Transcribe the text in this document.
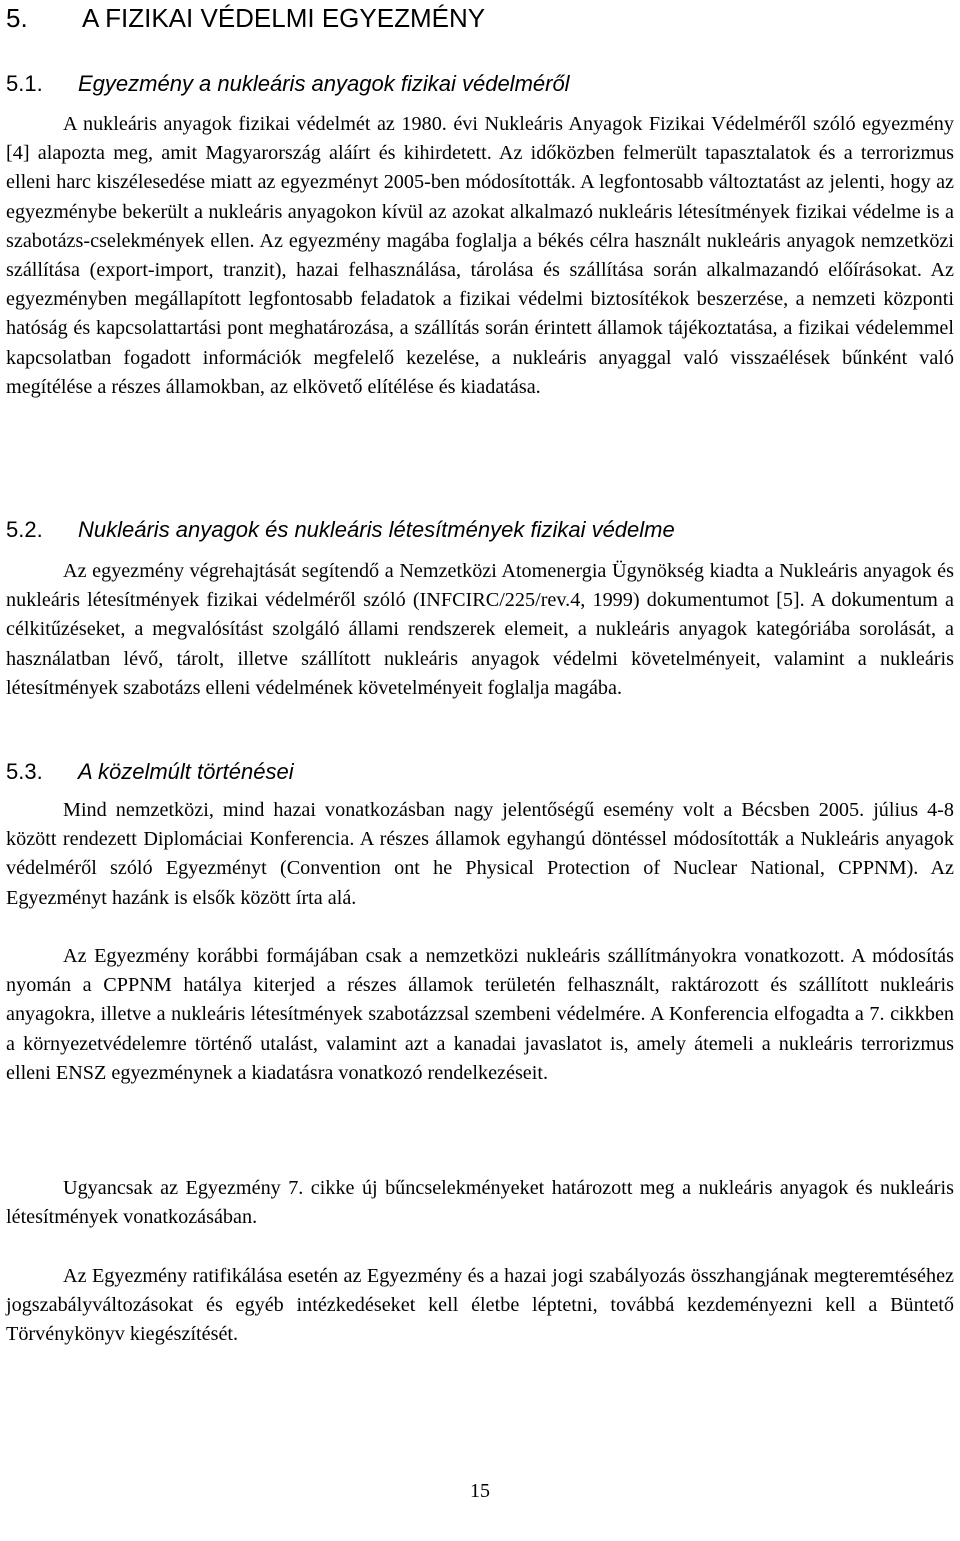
5. A FIZIKAI VÉDELMI EGYEZMÉNY
5.1. Egyezmény a nukleáris anyagok fizikai védelméről

A nukleáris anyagok fizikai védelmét az 1980. évi Nukleáris Anyagok Fizikai Védelméről szóló egyezmény [4] alapozta meg, amit Magyarország aláírt és kihirdetett. Az időközben felmerült tapasztalatok és a terrorizmus elleni harc kiszélesedése miatt az egyezményt 2005-ben módosították. A legfontosabb változtatást az jelenti, hogy az egyezménybe bekerült a nukleáris anyagokon kívül az azokat alkalmazó nukleáris létesítmények fizikai védelme is a szabotázs-cselekmények ellen. Az egyezmény magába foglalja a békés célra használt nukleáris anyagok nemzetközi szállítása (export-import, tranzit), hazai felhasználása, tárolása és szállítása során alkalmazandó előírásokat. Az egyezményben megállapított legfontosabb feladatok a fizikai védelmi biztosítékok beszerzése, a nemzeti központi hatóság és kapcsolattartási pont meghatározása, a szállítás során érintett államok tájékoztatása, a fizikai védelemmel kapcsolatban fogadott információk megfelelő kezelése, a nukleáris anyaggal való visszaélések bűnként való megítélése a részes államokban, az elkövető elítélése és kiadatása.

5.2. Nukleáris anyagok és nukleáris létesítmények fizikai védelme

Az egyezmény végrehajtását segítendő a Nemzetközi Atomenergia Ügynökség kiadta a Nukleáris anyagok és nukleáris létesítmények fizikai védelméről szóló (INFCIRC/225/rev.4, 1999) dokumentumot [5]. A dokumentum a célkitűzéseket, a megvalósítást szolgáló állami rendszerek elemeit, a nukleáris anyagok kategóriába sorolását, a használatban lévő, tárolt, illetve szállított nukleáris anyagok védelmi követelményeit, valamint a nukleáris létesítmények szabotázs elleni védelmének követelményeit foglalja magába.

5.3. A közelmúlt történései

Mind nemzetközi, mind hazai vonatkozásban nagy jelentőségű esemény volt a Bécsben 2005. július 4-8 között rendezett Diplomáciai Konferencia. A részes államok egyhangú döntéssel módosították a Nukleáris anyagok védelméről szóló Egyezményt (Convention ont he Physical Protection of Nuclear National, CPPNM). Az Egyezményt hazánk is elsők között írta alá.

Az Egyezmény korábbi formájában csak a nemzetközi nukleáris szállítmányokra vonatkozott. A módosítás nyomán a CPPNM hatálya kiterjed a részes államok területén felhasznált, raktározott és szállított nukleáris anyagokra, illetve a nukleáris létesítmények szabotázzsal szembeni védelmére. A Konferencia elfogadta a 7. cikkben a környezetvédelemre történő utalást, valamint azt a kanadai javaslatot is, amely átemeli a nukleáris terrorizmus elleni ENSZ egyezménynek a kiadatásra vonatkozó rendelkezéseit.

Ugyancsak az Egyezmény 7. cikke új bűncselekményeket határozott meg a nukleáris anyagok és nukleáris létesítmények vonatkozásában.

Az Egyezmény ratifikálása esetén az Egyezmény és a hazai jogi szabályozás összhangjának megteremtéséhez jogszabályváltozásokat és egyéb intézkedéseket kell életbe léptetni, továbbá kezdeményezni kell a Büntető Törvénykönyv kiegészítését.

15
